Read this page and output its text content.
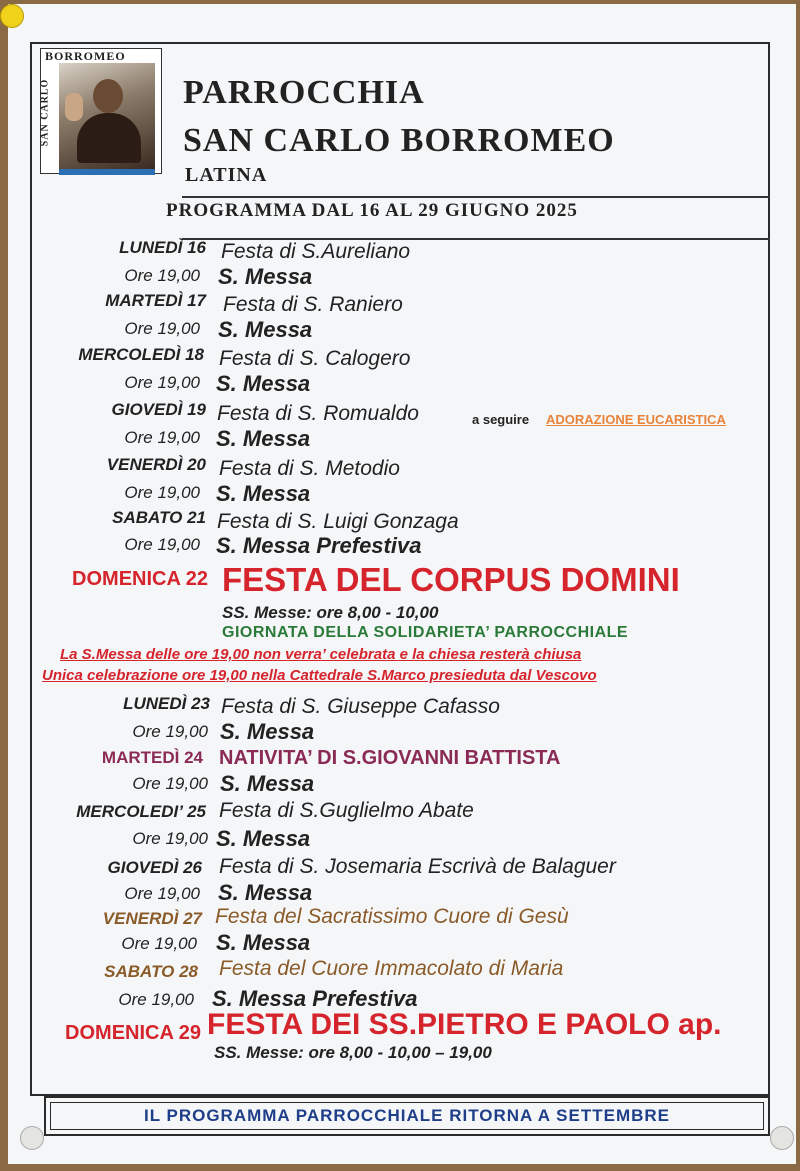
BORROMEO
SAN CARLO	PARROCCHIA
SAN CARLO BORROMEO
LATINA
PROGRAMMA DAL 16 AL 29 GIUGNO 2025
LUNEDÌ 16 Festa di S.Aureliano
Ore 19,00 S. Messa
MARTEDÌ 17 Festa di S. Raniero
Ore 19,00 S. Messa
MERCOLEDÌ 18 Festa di S. Calogero
Ore 19,00 S. Messa
GIOVEDÌ 19 Festa di S. Romualdo	a seguire ADORAZIONE EUCARISTICA
Ore 19,00 S. Messa
VENERDÌ 20 Festa di S. Metodio
Ore 19,00 S. Messa
SABATO 21 Festa di S. Luigi Gonzaga
Ore 19,00 S. Messa Prefestiva
DOMENICA 22 FESTA DEL CORPUS DOMINI
SS. Messe: ore 8,00 - 10,00
GIORNATA DELLA SOLIDARIETA’ PARROCCHIALE
La S.Messa delle ore 19,00 non verra’ celebrata e la chiesa resterà chiusa
Unica celebrazione ore 19,00 nella Cattedrale S.Marco presieduta dal Vescovo
LUNEDÌ 23 Festa di S. Giuseppe Cafasso
Ore 19,00 S. Messa
MARTEDÌ 24 NATIVITA’ DI S.GIOVANNI BATTISTA
Ore 19,00 S. Messa
MERCOLEDI’ 25 Festa di S.Guglielmo Abate
Ore 19,00 S. Messa
GIOVEDÌ 26 Festa di S. Josemaria Escrivà de Balaguer
Ore 19,00 S. Messa
VENERDÌ 27 Festa del Sacratissimo Cuore di Gesù
Ore 19,00 S. Messa
SABATO 28 Festa del Cuore Immacolato di Maria
Ore 19,00 S. Messa Prefestiva
DOMENICA 29 FESTA DEI SS.PIETRO E PAOLO ap.
SS. Messe: ore 8,00 - 10,00 – 19,00
IL PROGRAMMA PARROCCHIALE RITORNA A SETTEMBRE
